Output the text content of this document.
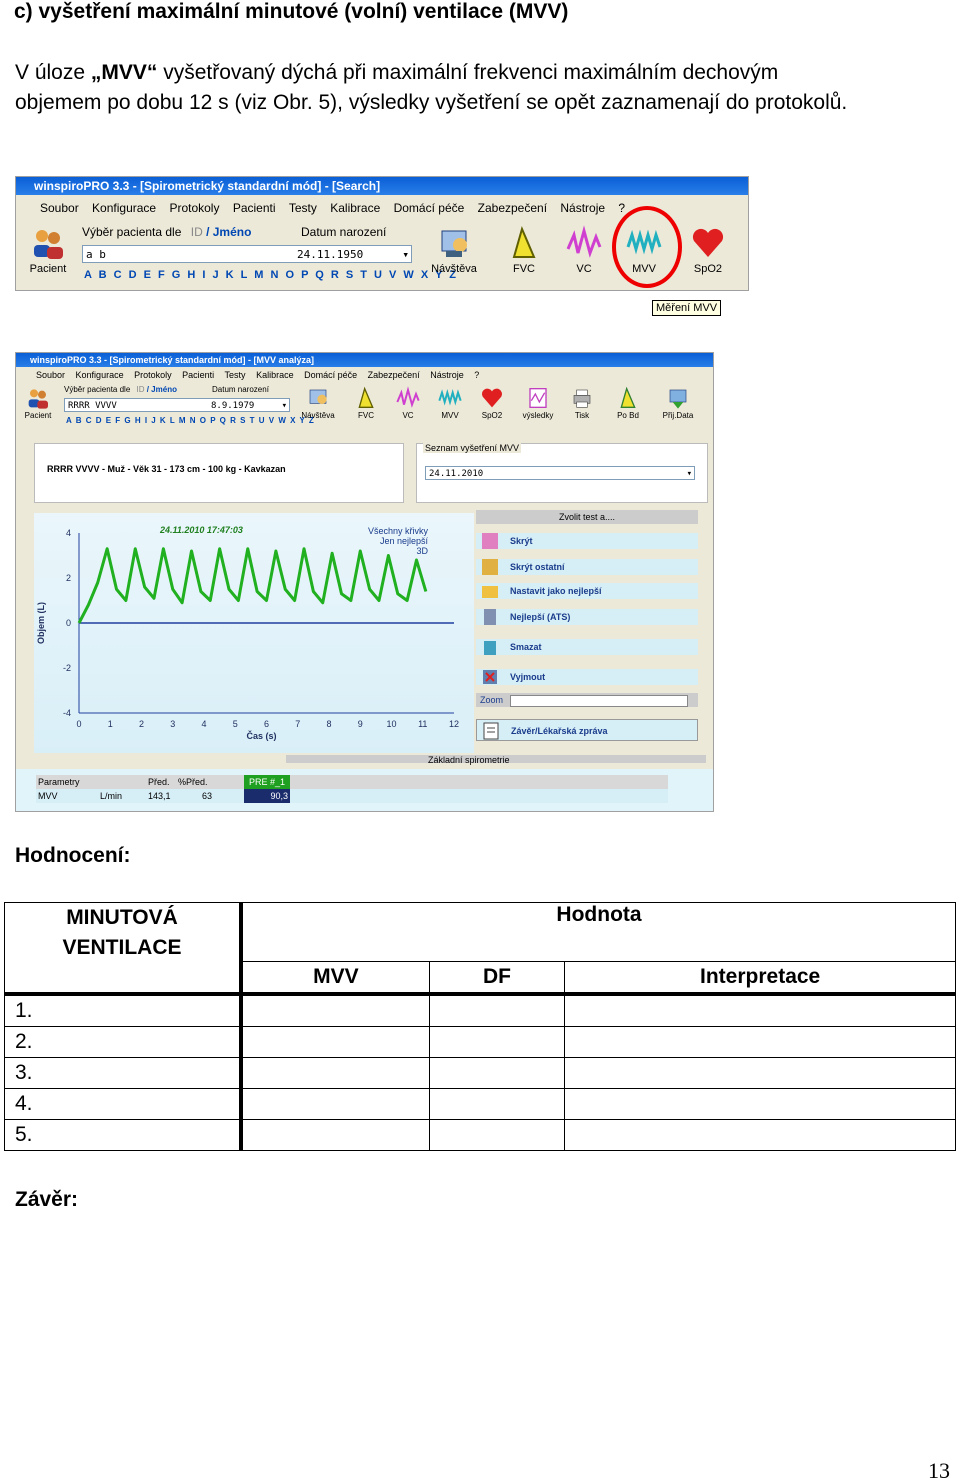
c) vyšetření maximální minutové (volní) ventilace (MVV)
V úloze „MVV“ vyšetřovaný dýchá při maximální frekvenci maximálním dechovým
objemem po dobu 12 s (viz Obr. 5), výsledky vyšetření se opět zaznamenají do protokolů.
winspiroPRO 3.3 - [Spirometrický standardní mód] - [Search]
Soubor Konfigurace Protokoly Pacienti Testy Kalibrace Domácí péče Zabezpečení Nástroje ?
Pacient
Výběr pacienta dle ID / Jméno	Datum narození
a b	24.11.1950	▾
A B C D E F G H I J K L M N O P Q R S T U V W X Y Z
Návštěva	FVC	VC	MVV	SpO2
Měření MVV
winspiroPRO 3.3 - [Spirometrický standardní mód] - [MVV analýza]
Soubor Konfigurace Protokoly Pacienti Testy Kalibrace Domácí péče Zabezpečení Nástroje ?
Pacient
Výběr pacienta dle ID / Jméno	Datum narození
RRRR VVVV	8.9.1979	▾
A B C D E F G H I J K L M N O P Q R S T U V W X Y Z
Návštěva	FVC	VC	MVV	SpO2	výsledky	Tisk	Po Bd	Přij.Data
RRRR VVVV - Muž - Věk 31 - 173 cm - 100 kg - Kavkazan
Seznam vyšetření MVV
24.11.2010	▾
4
2
0
-2
-4
0	1	2	3	4	5	6	7	8	9	10 11 12
Čas (s)
Objem (L)
24.11.2010 17:47:03	Všechny křivky
Jen nejlepší
3D
Zvolit test a....
Skrýt
Skrýt ostatní
Nastavit jako nejlepší
Nejlepší (ATS)
Smazat
Vyjmout
Zoom
Závěr/Lékařská zpráva
Základní spirometrie
Parametry	Před. %Před.	PRE #_1
MVV	L/min	143,1	63	90,3
Hodnocení:
MINUTOVÁ
VENTILACE	Hodnota		
	MVV	DF	Interpretace
1.			
2.			
3.			
4.			
5.			
Závěr:
13
